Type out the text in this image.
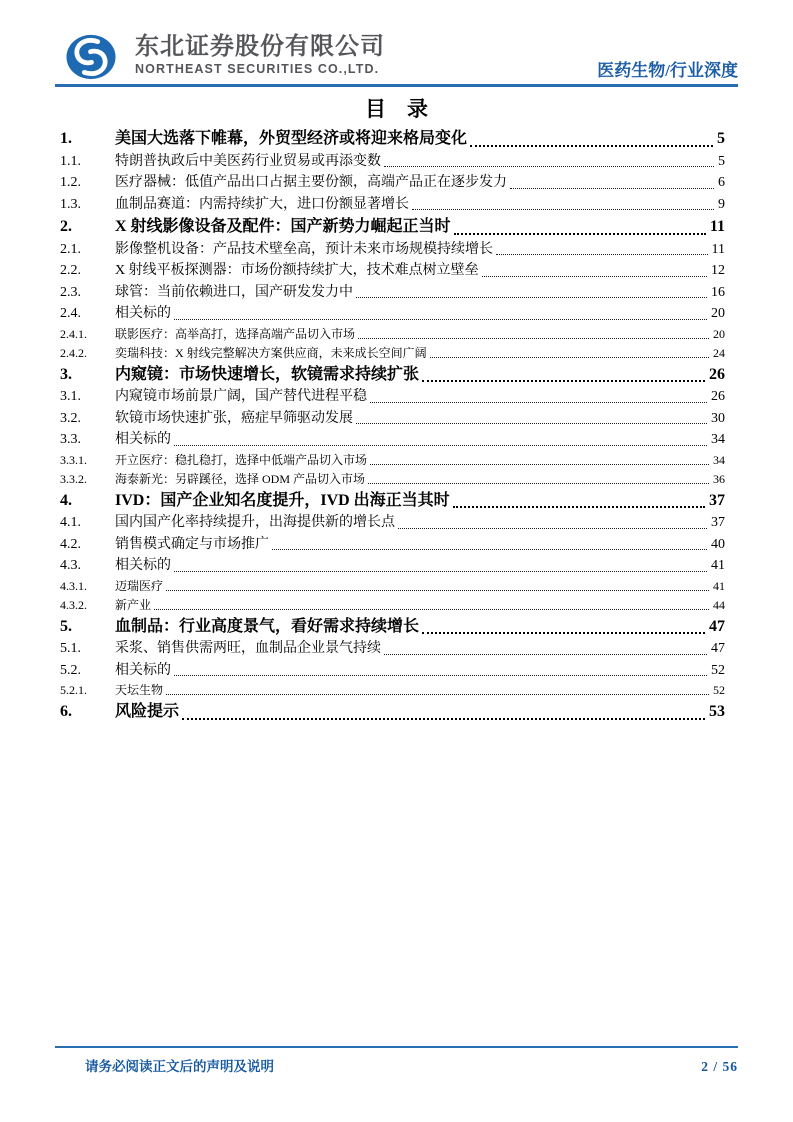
东北证券股份有限公司
NORTHEAST SECURITIES CO.,LTD.	医药生物/行业深度
目　录
1.	美国大选落下帷幕，外贸型经济或将迎来格局变化	5
1.1.	特朗普执政后中美医药行业贸易或再添变数	5
1.2.	医疗器械：低值产品出口占据主要份额，高端产品正在逐步发力	6
1.3.	血制品赛道：内需持续扩大，进口份额显著增长	9
2.	X 射线影像设备及配件：国产新势力崛起正当时	11
2.1.	影像整机设备：产品技术壁垒高，预计未来市场规模持续增长	11
2.2.	X 射线平板探测器：市场份额持续扩大，技术难点树立壁垒	12
2.3.	球管：当前依赖进口，国产研发发力中	16
2.4.	相关标的	20
2.4.1.	联影医疗：高举高打，选择高端产品切入市场	20
2.4.2.	奕瑞科技：X 射线完整解决方案供应商，未来成长空间广阔	24
3.	内窥镜：市场快速增长，软镜需求持续扩张	26
3.1.	内窥镜市场前景广阔，国产替代进程平稳	26
3.2.	软镜市场快速扩张，癌症早筛驱动发展	30
3.3.	相关标的	34
3.3.1.	开立医疗：稳扎稳打，选择中低端产品切入市场	34
3.3.2.	海泰新光：另辟蹊径，选择 ODM 产品切入市场	36
4.	IVD：国产企业知名度提升，IVD 出海正当其时	37
4.1.	国内国产化率持续提升，出海提供新的增长点	37
4.2.	销售模式确定与市场推广	40
4.3.	相关标的	41
4.3.1.	迈瑞医疗	41
4.3.2.	新产业	44
5.	血制品：行业高度景气，看好需求持续增长	47
5.1.	采浆、销售供需两旺，血制品企业景气持续	47
5.2.	相关标的	52
5.2.1.	天坛生物	52
6.	风险提示	53
请务必阅读正文后的声明及说明	2 / 56
